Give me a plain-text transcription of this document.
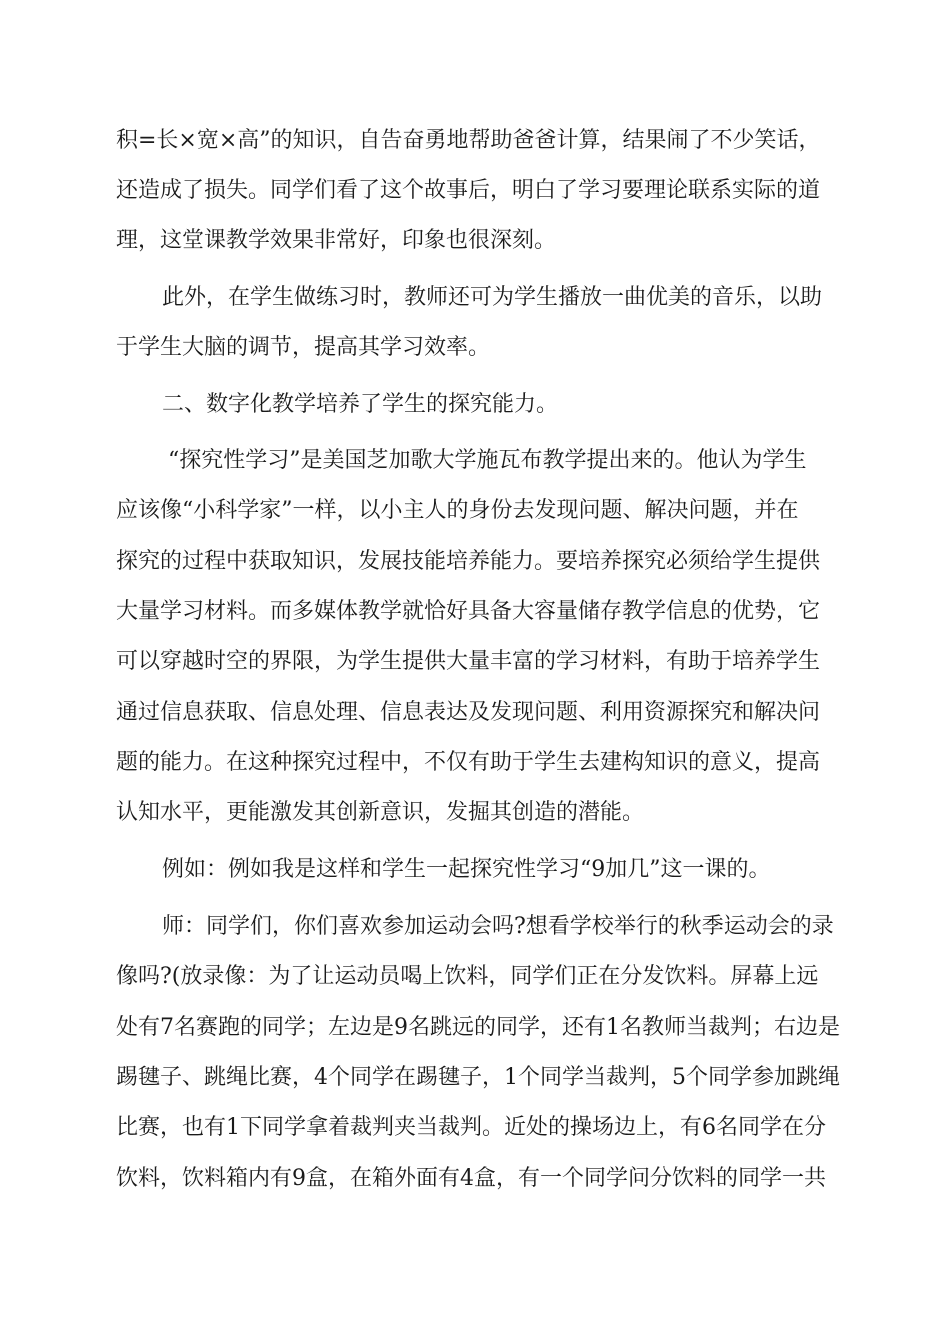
积=长×宽×高”的知识，自告奋勇地帮助爸爸计算，结果闹了不少笑话，
还造成了损失。同学们看了这个故事后，明白了学习要理论联系实际的道
理，这堂课教学效果非常好，印象也很深刻。
此外，在学生做练习时，教师还可为学生播放一曲优美的音乐，以助
于学生大脑的调节，提高其学习效率。
二、数字化教学培养了学生的探究能力。
“探究性学习”是美国芝加歌大学施瓦布教学提出来的。他认为学生
应该像“小科学家”一样，以小主人的身份去发现问题、解决问题，并在
探究的过程中获取知识，发展技能培养能力。要培养探究必须给学生提供
大量学习材料。而多媒体教学就恰好具备大容量储存教学信息的优势，它
可以穿越时空的界限，为学生提供大量丰富的学习材料，有助于培养学生
通过信息获取、信息处理、信息表达及发现问题、利用资源探究和解决问
题的能力。在这种探究过程中，不仅有助于学生去建构知识的意义，提高
认知水平，更能激发其创新意识，发掘其创造的潜能。
例如：例如我是这样和学生一起探究性学习“9加几”这一课的。
师：同学们，你们喜欢参加运动会吗?想看学校举行的秋季运动会的录
像吗?(放录像：为了让运动员喝上饮料，同学们正在分发饮料。屏幕上远
处有7名赛跑的同学；左边是9名跳远的同学，还有1名教师当裁判；右边是
踢毽子、跳绳比赛，4个同学在踢毽子，1个同学当裁判，5个同学参加跳绳
比赛，也有1下同学拿着裁判夹当裁判。近处的操场边上，有6名同学在分
饮料，饮料箱内有9盒，在箱外面有4盒，有一个同学问分饮料的同学一共
